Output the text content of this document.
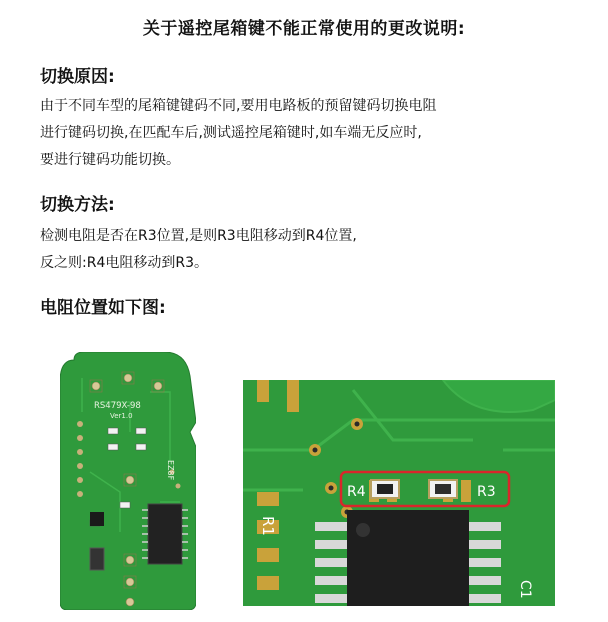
关于遥控尾箱键不能正常使用的更改说明:
切换原因:
由于不同车型的尾箱键键码不同,要用电路板的预留键码切换电阻
进行键码切换,在匹配车后,测试遥控尾箱键时,如车端无反应时,
要进行键码功能切换。
切换方法:
检测电阻是否在R3位置,是则R3电阻移动到R4位置,
反之则:R4电阻移动到R3。
电阻位置如下图:
RS479X-98
Ver1.0
EZ8F
R1
R4	R3
C1
